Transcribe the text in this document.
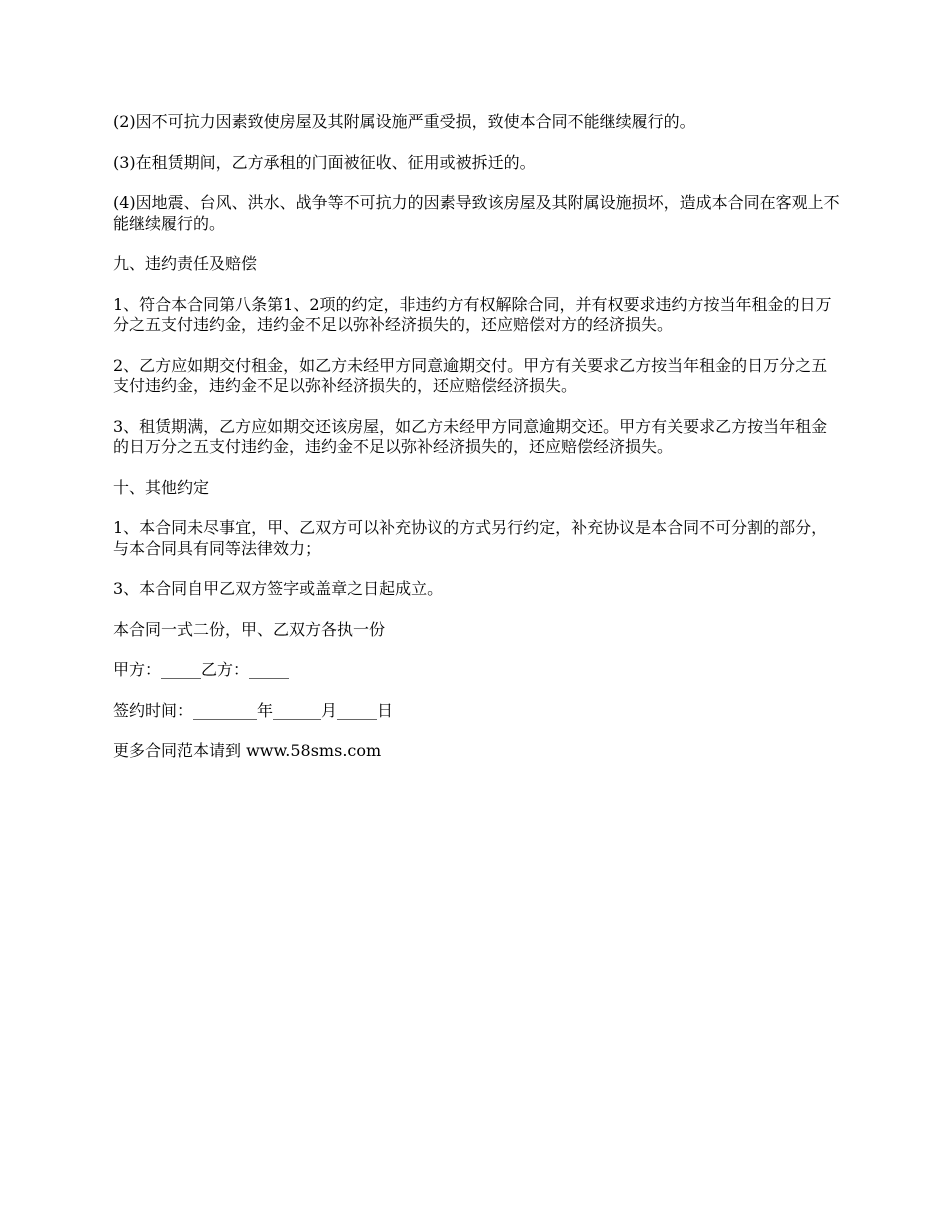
(2)因不可抗力因素致使房屋及其附属设施严重受损，致使本合同不能继续履行的。

(3)在租赁期间，乙方承租的门面被征收、征用或被拆迁的。

(4)因地震、台风、洪水、战争等不可抗力的因素导致该房屋及其附属设施损坏，造成本合同在客观上不能继续履行的。

九、违约责任及赔偿

1、符合本合同第八条第1、2项的约定，非违约方有权解除合同，并有权要求违约方按当年租金的日万分之五支付违约金，违约金不足以弥补经济损失的，还应赔偿对方的经济损失。

2、乙方应如期交付租金，如乙方未经甲方同意逾期交付。甲方有关要求乙方按当年租金的日万分之五支付违约金，违约金不足以弥补经济损失的，还应赔偿经济损失。

3、租赁期满，乙方应如期交还该房屋，如乙方未经甲方同意逾期交还。甲方有关要求乙方按当年租金的日万分之五支付违约金，违约金不足以弥补经济损失的，还应赔偿经济损失。

十、其他约定

1、本合同未尽事宜，甲、乙双方可以补充协议的方式另行约定，补充协议是本合同不可分割的部分，与本合同具有同等法律效力；

3、本合同自甲乙双方签字或盖章之日起成立。

本合同一式二份，甲、乙双方各执一份

甲方：_____乙方：_____

签约时间：________年______月_____日

更多合同范本请到 www.58sms.com
